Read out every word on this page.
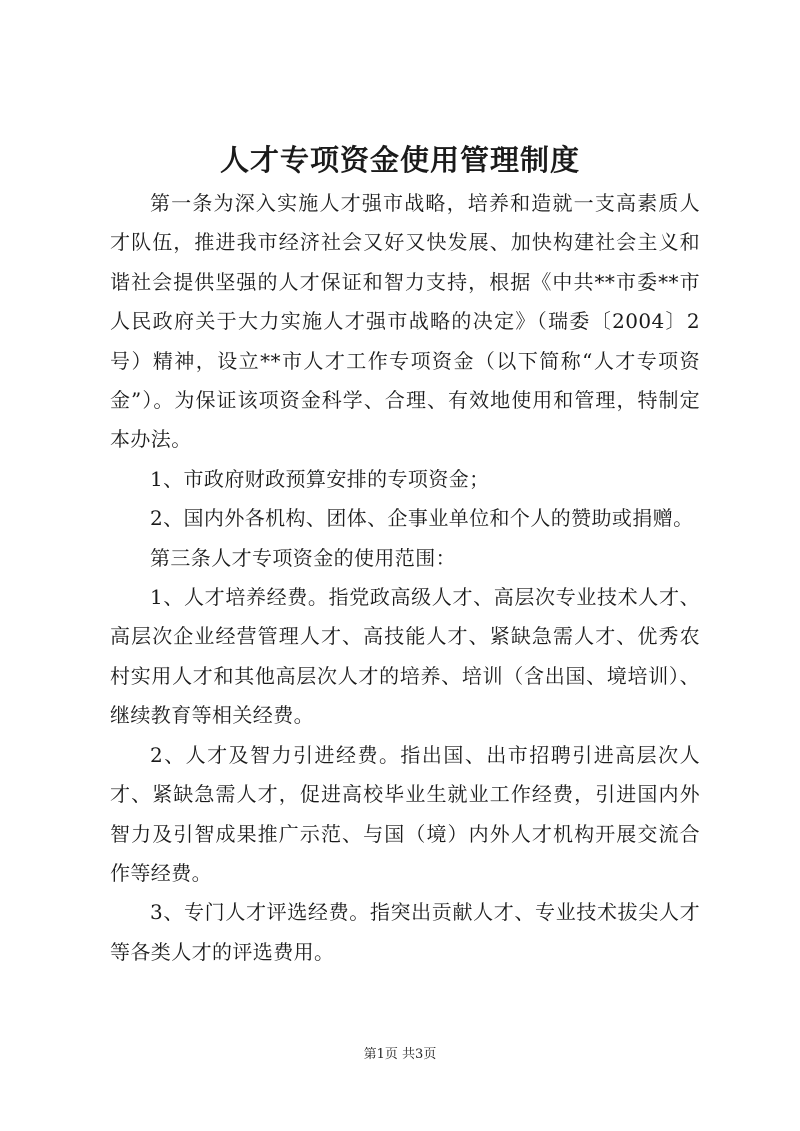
人才专项资金使用管理制度

第一条为深入实施人才强市战略，培养和造就一支高素质人才队伍，推进我市经济社会又好又快发展、加快构建社会主义和谐社会提供坚强的人才保证和智力支持，根据《中共**市委**市人民政府关于大力实施人才强市战略的决定》（瑞委〔2004〕2号）精神，设立**市人才工作专项资金（以下简称“人才专项资金”）。为保证该项资金科学、合理、有效地使用和管理，特制定本办法。

1、市政府财政预算安排的专项资金；

2、国内外各机构、团体、企事业单位和个人的赞助或捐赠。

第三条人才专项资金的使用范围：

1、人才培养经费。指党政高级人才、高层次专业技术人才、高层次企业经营管理人才、高技能人才、紧缺急需人才、优秀农村实用人才和其他高层次人才的培养、培训（含出国、境培训）、继续教育等相关经费。

2、人才及智力引进经费。指出国、出市招聘引进高层次人才、紧缺急需人才，促进高校毕业生就业工作经费，引进国内外智力及引智成果推广示范、与国（境）内外人才机构开展交流合作等经费。

3、专门人才评选经费。指突出贡献人才、专业技术拔尖人才等各类人才的评选费用。

第1页 共3页
